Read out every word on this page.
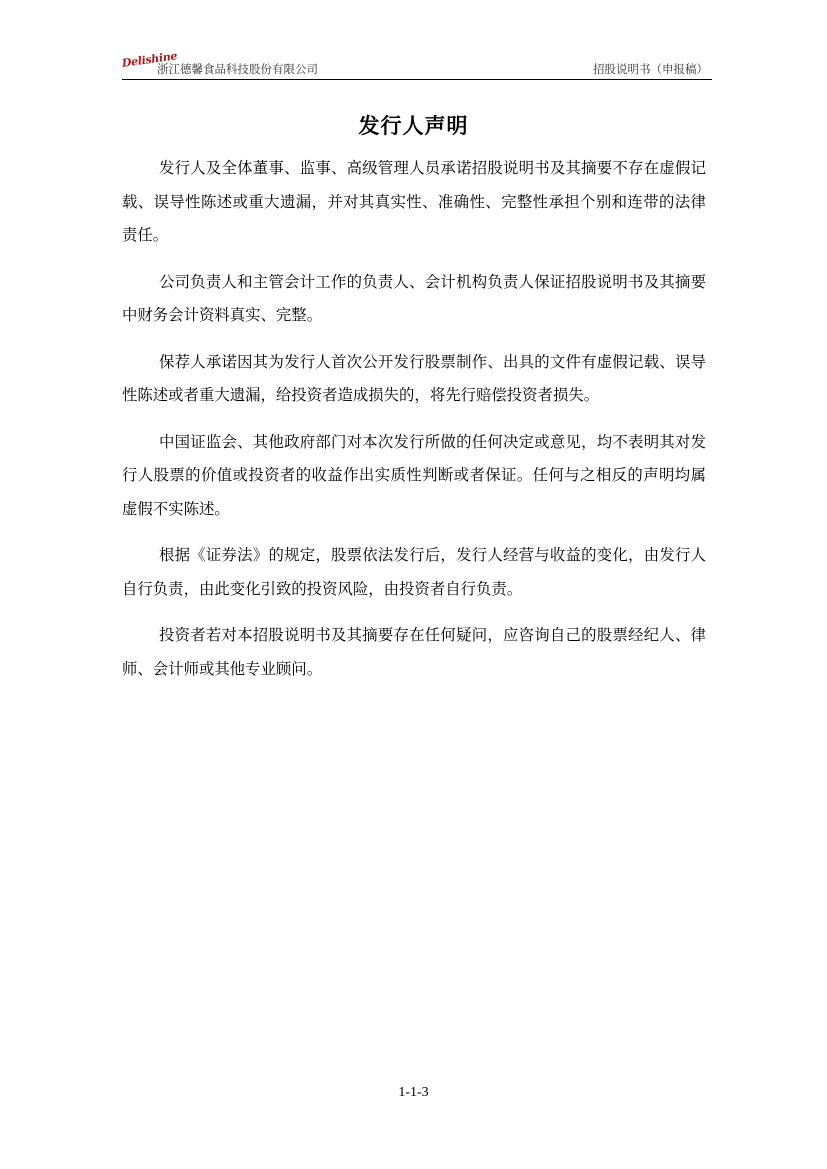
Delishine
浙江德馨食品科技股份有限公司	招股说明书（申报稿）
发行人声明

发行人及全体董事、监事、高级管理人员承诺招股说明书及其摘要不存在虚假记载、误导性陈述或重大遗漏，并对其真实性、准确性、完整性承担个别和连带的法律责任。

公司负责人和主管会计工作的负责人、会计机构负责人保证招股说明书及其摘要中财务会计资料真实、完整。

保荐人承诺因其为发行人首次公开发行股票制作、出具的文件有虚假记载、误导性陈述或者重大遗漏，给投资者造成损失的，将先行赔偿投资者损失。

中国证监会、其他政府部门对本次发行所做的任何决定或意见，均不表明其对发行人股票的价值或投资者的收益作出实质性判断或者保证。任何与之相反的声明均属虚假不实陈述。

根据《证券法》的规定，股票依法发行后，发行人经营与收益的变化，由发行人自行负责，由此变化引致的投资风险，由投资者自行负责。

投资者若对本招股说明书及其摘要存在任何疑问，应咨询自己的股票经纪人、律师、会计师或其他专业顾问。

1-1-3
